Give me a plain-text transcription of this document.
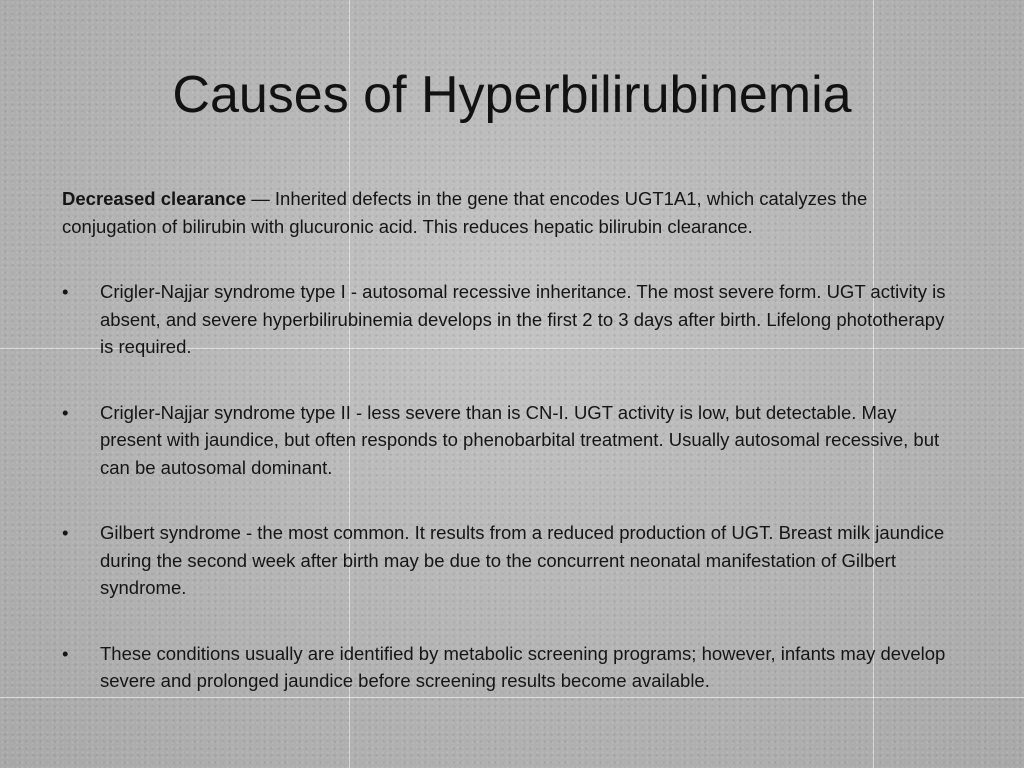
Causes of Hyperbilirubinemia

Decreased clearance — Inherited defects in the gene that encodes UGT1A1, which catalyzes the conjugation of bilirubin with glucuronic acid. This reduces hepatic bilirubin clearance.

•	Crigler-Najjar syndrome type I - autosomal recessive inheritance. The most severe form. UGT activity is absent, and severe hyperbilirubinemia develops in the first 2 to 3 days after birth. Lifelong phototherapy is required.
•	Crigler-Najjar syndrome type II - less severe than is CN-I. UGT activity is low, but detectable. May present with jaundice, but often responds to phenobarbital treatment. Usually autosomal recessive, but can be autosomal dominant.
•	Gilbert syndrome - the most common. It results from a reduced production of UGT. Breast milk jaundice during the second week after birth may be due to the concurrent neonatal manifestation of Gilbert syndrome.
•	These conditions usually are identified by metabolic screening programs; however, infants may develop severe and prolonged jaundice before screening results become available.
